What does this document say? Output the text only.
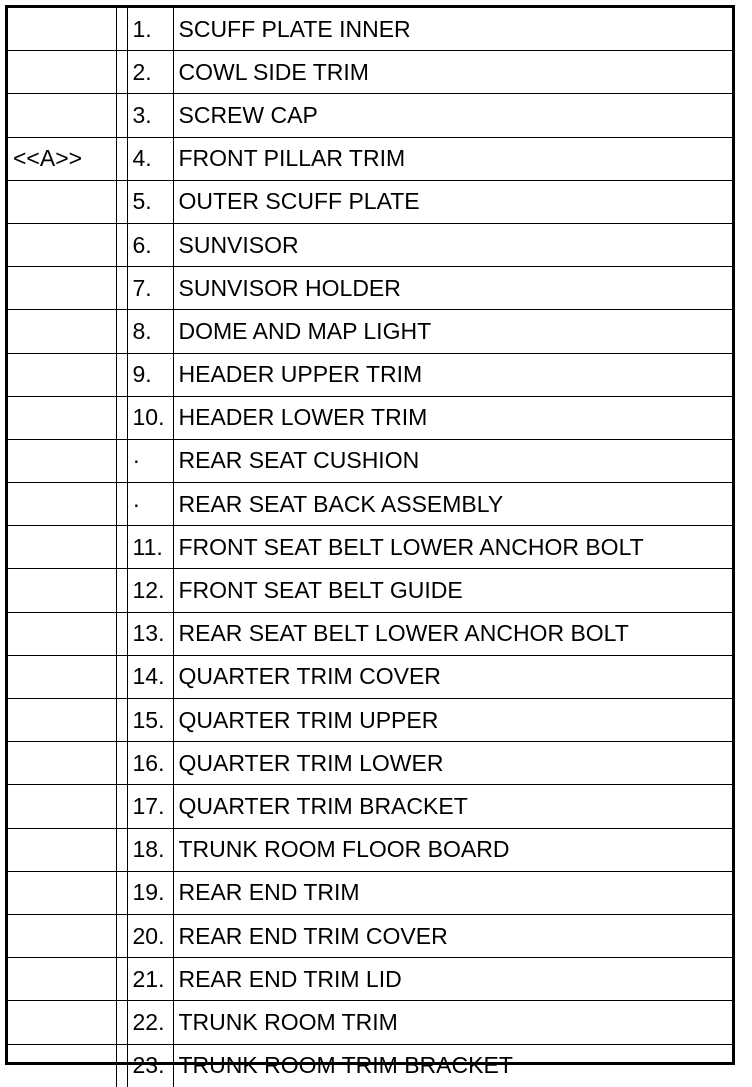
		1.	SCUFF PLATE INNER
		2.	COWL SIDE TRIM
		3.	SCREW CAP
<<A>>		4.	FRONT PILLAR TRIM
		5.	OUTER SCUFF PLATE
		6.	SUNVISOR
		7.	SUNVISOR HOLDER
		8.	DOME AND MAP LIGHT
		9.	HEADER UPPER TRIM
		10.	HEADER LOWER TRIM
		·	REAR SEAT CUSHION
		·	REAR SEAT BACK ASSEMBLY
		11.	FRONT SEAT BELT LOWER ANCHOR BOLT
		12.	FRONT SEAT BELT GUIDE
		13.	REAR SEAT BELT LOWER ANCHOR BOLT
		14.	QUARTER TRIM COVER
		15.	QUARTER TRIM UPPER
		16.	QUARTER TRIM LOWER
		17.	QUARTER TRIM BRACKET
		18.	TRUNK ROOM FLOOR BOARD
		19.	REAR END TRIM
		20.	REAR END TRIM COVER
		21.	REAR END TRIM LID
		22.	TRUNK ROOM TRIM
		23.	TRUNK ROOM TRIM BRACKET
